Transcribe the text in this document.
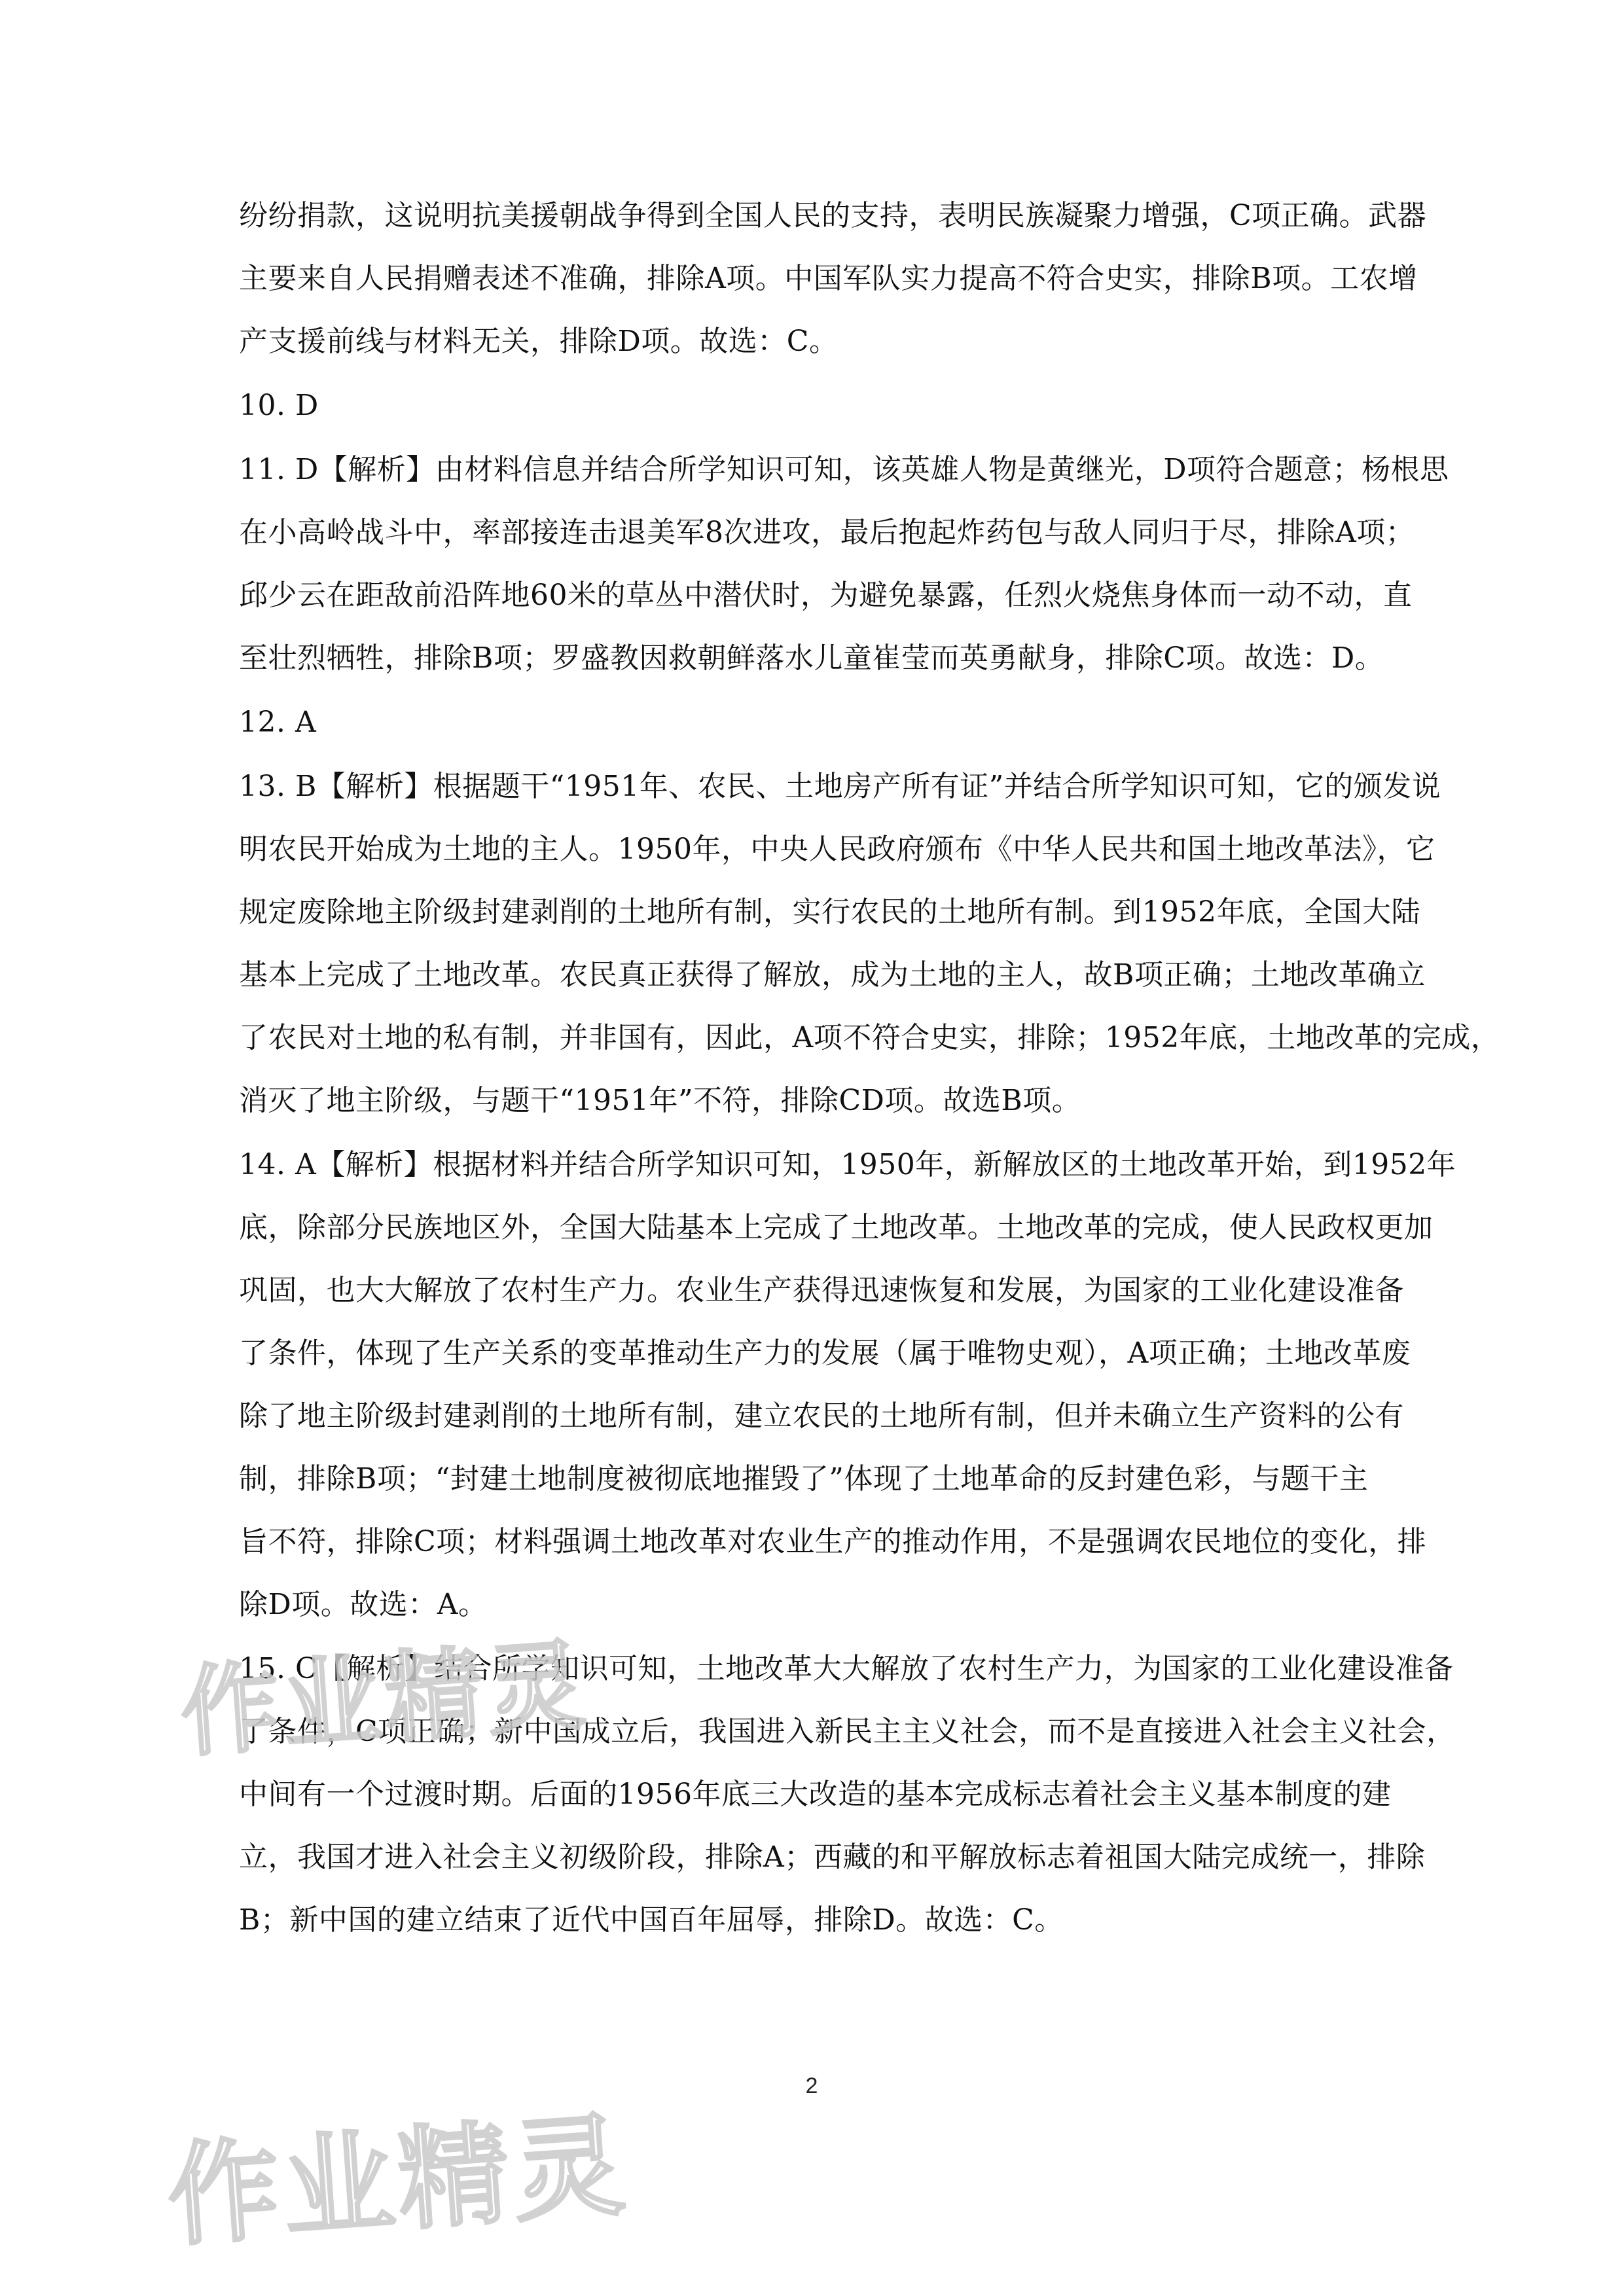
纷纷捐款，这说明抗美援朝战争得到全国人民的支持，表明民族凝聚力增强，C项正确。武器
主要来自人民捐赠表述不准确，排除A项。中国军队实力提高不符合史实，排除B项。工农增
产支援前线与材料无关，排除D项。故选：C。
10. D
11. D【解析】由材料信息并结合所学知识可知，该英雄人物是黄继光，D项符合题意；杨根思
在小高岭战斗中，率部接连击退美军8次进攻，最后抱起炸药包与敌人同归于尽，排除A项；
邱少云在距敌前沿阵地60米的草丛中潜伏时，为避免暴露，任烈火烧焦身体而一动不动，直
至壮烈牺牲，排除B项；罗盛教因救朝鲜落水儿童崔莹而英勇献身，排除C项。故选：D。
12. A
13. B【解析】根据题干“1951年、农民、土地房产所有证”并结合所学知识可知，它的颁发说
明农民开始成为土地的主人。1950年，中央人民政府颁布《中华人民共和国土地改革法》，它
规定废除地主阶级封建剥削的土地所有制，实行农民的土地所有制。到1952年底，全国大陆
基本上完成了土地改革。农民真正获得了解放，成为土地的主人，故B项正确；土地改革确立
了农民对土地的私有制，并非国有，因此，A项不符合史实，排除；1952年底，土地改革的完成，
消灭了地主阶级，与题干“1951年”不符，排除CD项。故选B项。
14. A【解析】根据材料并结合所学知识可知，1950年，新解放区的土地改革开始，到1952年
底，除部分民族地区外，全国大陆基本上完成了土地改革。土地改革的完成，使人民政权更加
巩固，也大大解放了农村生产力。农业生产获得迅速恢复和发展，为国家的工业化建设准备
了条件，体现了生产关系的变革推动生产力的发展（属于唯物史观），A项正确；土地改革废
除了地主阶级封建剥削的土地所有制，建立农民的土地所有制，但并未确立生产资料的公有
制，排除B项；“封建土地制度被彻底地摧毁了”体现了土地革命的反封建色彩，与题干主
旨不符，排除C项；材料强调土地改革对农业生产的推动作用，不是强调农民地位的变化，排
除D项。故选：A。
15. C【解析】结合所学知识可知，土地改革大大解放了农村生产力，为国家的工业化建设准备
了条件，C项正确；新中国成立后，我国进入新民主主义社会，而不是直接进入社会主义社会，
中间有一个过渡时期。后面的1956年底三大改造的基本完成标志着社会主义基本制度的建
立，我国才进入社会主义初级阶段，排除A；西藏的和平解放标志着祖国大陆完成统一，排除
B；新中国的建立结束了近代中国百年屈辱，排除D。故选：C。
作业精灵
作业精灵
2
